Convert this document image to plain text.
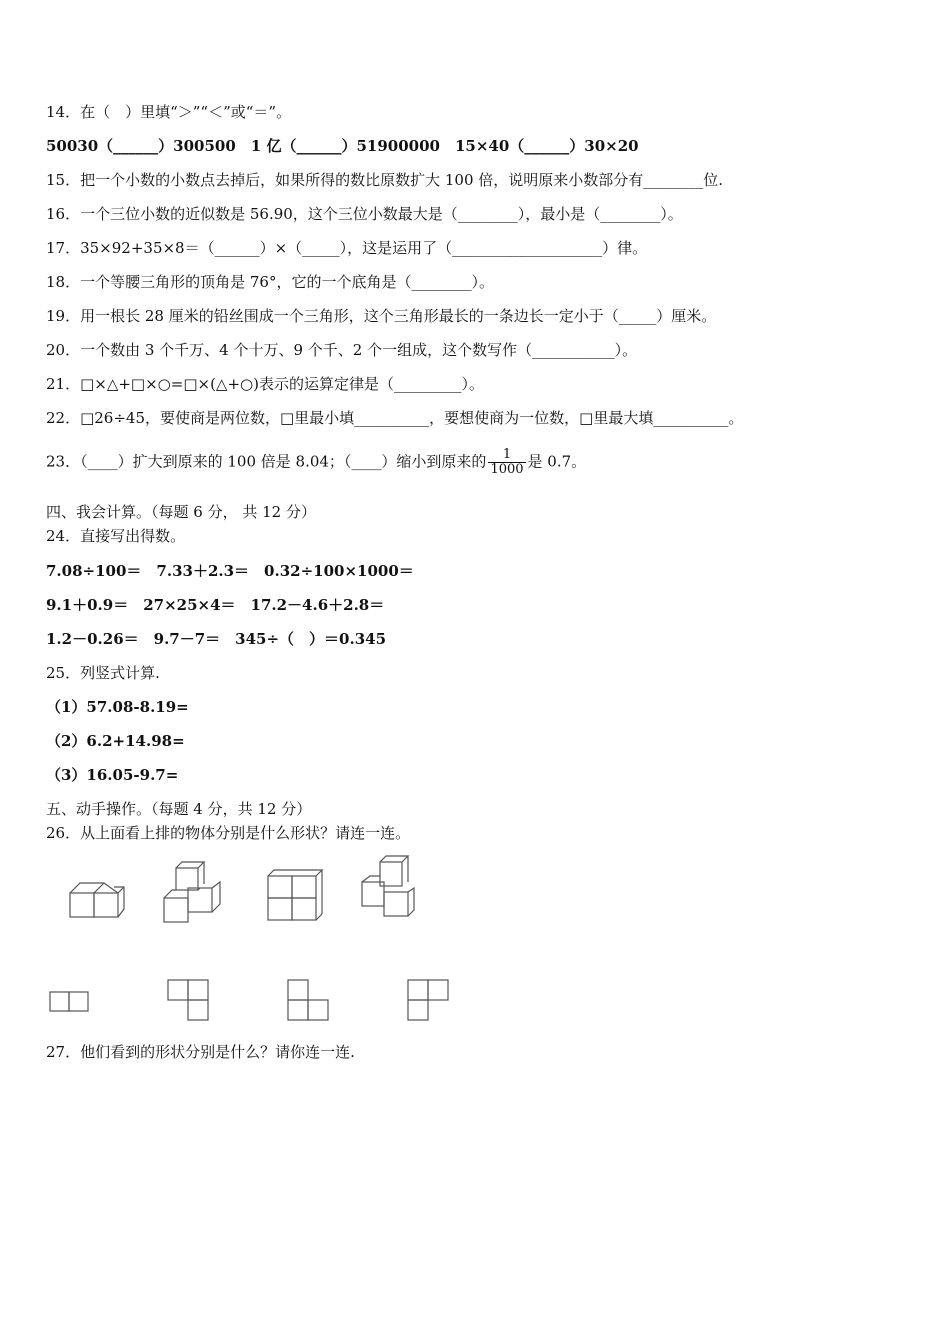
14．在（　）里填“＞”“＜”或“＝”。
50030（______）300500　1 亿（______）51900000　15×40（______）30×20
15．把一个小数的小数点去掉后，如果所得的数比原数扩大 100 倍，说明原来小数部分有________位.
16．一个三位小数的近似数是 56.90，这个三位小数最大是（________），最小是（________）。
17．35×92+35×8＝（______）×（_____），这是运用了（____________________）律。
18．一个等腰三角形的顶角是 76°，它的一个底角是（________）。
19．用一根长 28 厘米的铅丝围成一个三角形，这个三角形最长的一条边长一定小于（_____）厘米。
20．一个数由 3 个千万、4 个十万、9 个千、2 个一组成，这个数写作（___________）。
21．□×△+□×○=□×(△+○)表示的运算定律是（_________）。
22．□26÷45，要使商是两位数，□里最小填__________，要想使商为一位数，□里最大填__________。
23．（____）扩大到原来的 100 倍是 8.04；（____）缩小到原来的 $\frac{1}{1000}$ 是 0.7。
四、我会计算。（每题 6 分， 共 12 分）
24．直接写出得数。
7.08÷100＝　7.33＋2.3＝　0.32÷100×1000＝
9.1＋0.9＝　27×25×4＝　17.2－4.6＋2.8＝
1.2－0.26＝　9.7－7＝　345÷（　）＝0.345
25．列竖式计算.
（1）57.08-8.19=
（2）6.2+14.98=
（3）16.05-9.7=
五、动手操作。（每题 4 分，共 12 分）
26．从上面看上排的物体分别是什么形状？请连一连。
27．他们看到的形状分别是什么？请你连一连.
